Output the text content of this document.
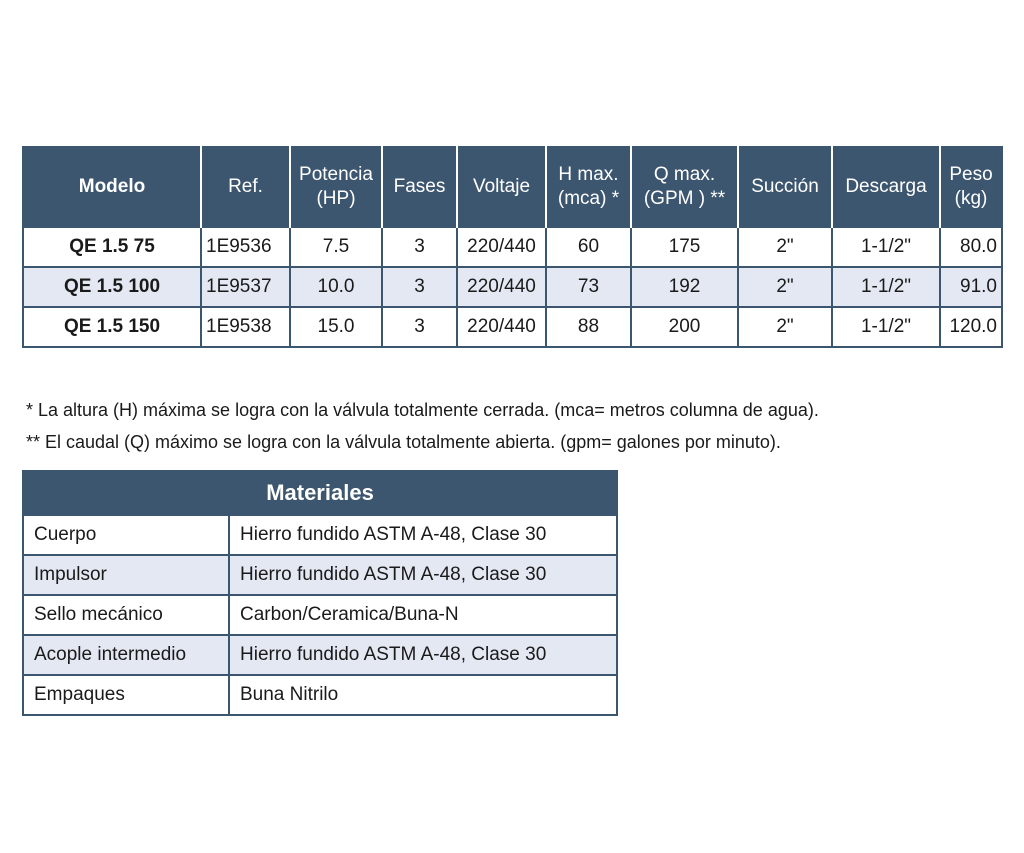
Modelo	Ref.	Potencia (HP)	Fases	Voltaje	H max. (mca) *	Q max. (GPM ) **	Succión	Descarga	Peso (kg)
QE 1.5 75	1E9536	7.5	3	220/440	60	175	2"	1-1/2"	80.0
QE 1.5 100	1E9537	10.0	3	220/440	73	192	2"	1-1/2"	91.0
QE 1.5 150	1E9538	15.0	3	220/440	88	200	2"	1-1/2"	120.0
* La altura (H) máxima se logra con la válvula totalmente cerrada. (mca= metros columna de agua).
** El caudal (Q) máximo se logra con la válvula totalmente abierta. (gpm= galones por minuto).
Materiales	
Cuerpo	Hierro fundido ASTM A-48, Clase 30
Impulsor	Hierro fundido ASTM A-48, Clase 30
Sello mecánico	Carbon/Ceramica/Buna-N
Acople intermedio	Hierro fundido ASTM A-48, Clase 30
Empaques	Buna Nitrilo
